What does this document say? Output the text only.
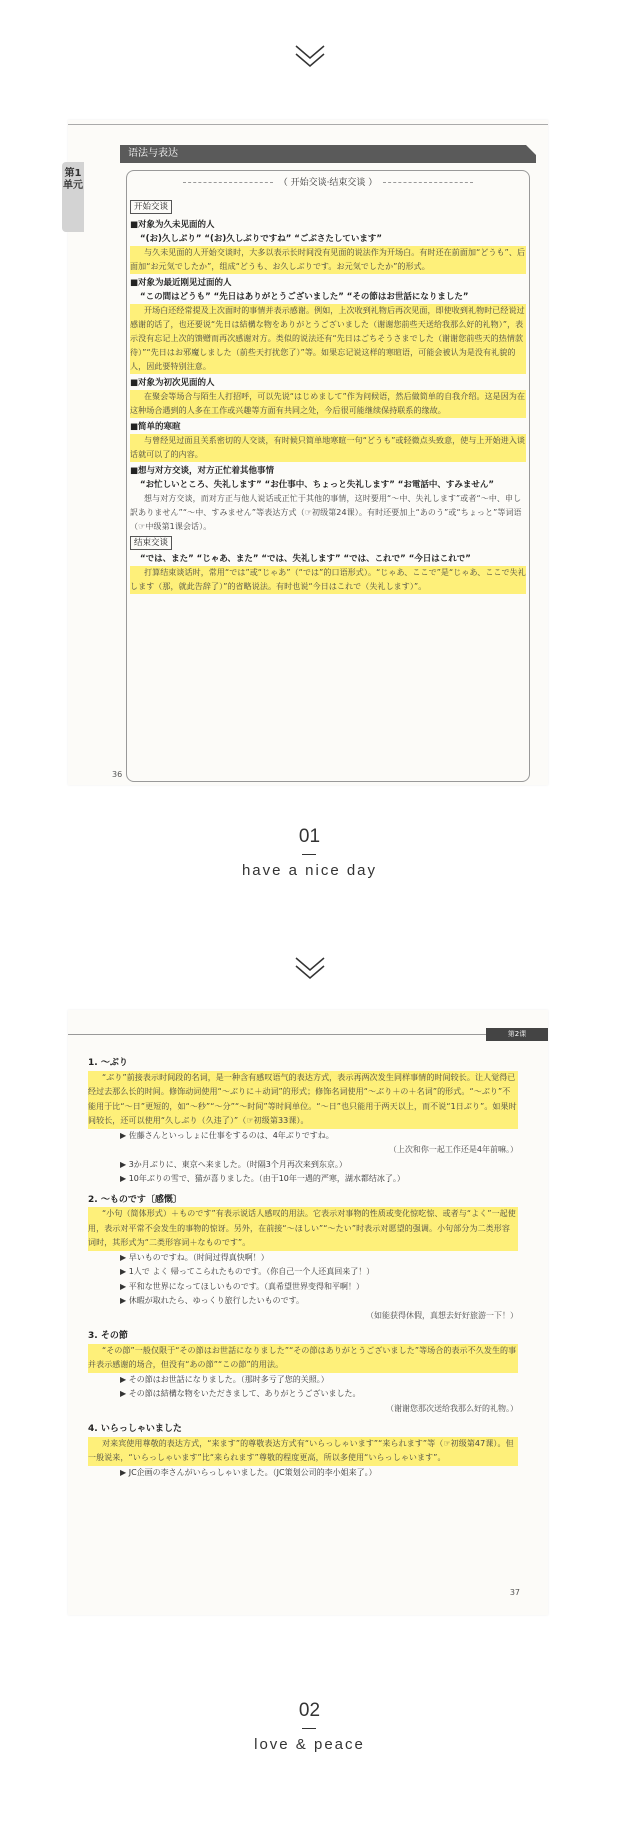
第1单元
语法与表达
（ 开始交谈·结束交谈 ）
开始交谈
■对象为久未见面的人
“(お)久しぶり” “(お)久しぶりですね” “ごぶさたしています”
与久未见面的人开始交谈时，大多以表示长时间没有见面的说法作为开场白。有时还在前面加“どうも”、后面加“お元気でしたか”，组成“どうも、お久しぶりです。お元気でしたか”的形式。
■对象为最近刚见过面的人
“この間はどうも” “先日はありがとうございました” “その節はお世話になりました”
开场白还经常提及上次面时的事情并表示感谢。例如，上次收到礼物后再次见面，即使收到礼物时已经说过感谢的话了，也还要说“先日は結構な物をありがとうございました（谢谢您前些天送给我那么好的礼物）”，表示没有忘记上次的馈赠而再次感谢对方。类似的说法还有“先日はごちそうさまでした（谢谢您前些天的热情款待）”“先日はお邪魔しました（前些天打扰您了）”等。如果忘记说这样的寒暄语，可能会被认为是没有礼貌的人，因此要特别注意。
■对象为初次见面的人
在聚会等场合与陌生人打招呼，可以先说“はじめまして”作为问候语，然后做简单的自我介绍。这是因为在这种场合遇到的人多在工作或兴趣等方面有共同之处，今后很可能继续保持联系的缘故。
■简单的寒暄
与曾经见过面且关系密切的人交谈，有时候只简单地寒暄一句“どうも”或轻微点头致意，使与上开始进入谈话就可以了的内容。
■想与对方交谈，对方正忙着其他事情
“お忙しいところ、失礼します” “お仕事中、ちょっと失礼します” “お電話中、すみません”
想与对方交谈，而对方正与他人说话或正忙于其他的事情，这时要用“～中、失礼します”或者“～中、申し訳ありません”“～中、すみません”等表达方式（☞初级第24课）。有时还要加上“あのう”或“ちょっと”等词语（☞中级第1课会话）。
结束交谈
“では、また” “じゃあ、また” “では、失礼します” “では、これで” “今日はこれで”
打算结束谈话时，常用“では”或“じゃあ”（“では”的口语形式）。“じゃあ、ここで”是“じゃあ、ここで失礼します（那，就此告辞了）”的省略说法。有时也说“今日はこれで（失礼します）”。
36
01
have a nice day
第2课
1. ～ぶり
“ぶり”前接表示时间段的名词，是一种含有感叹语气的表达方式，表示再两次发生同样事情的时间较长。让人觉得已经过去那么长的时间。修饰动词使用“～ぶりに＋动词”的形式；修饰名词使用“～ぶり＋の＋名词”的形式。“～ぶり”不能用于比“～日”更短的，如“～秒”“～分”“～时间”等时间单位。“～日”也只能用于两天以上，而不说“1日ぶり”。如果时间较长，还可以使用“久しぶり（久违了）”（☞初级第33课）。
▶ 佐藤さんといっしょに仕事をするのは、4年ぶりですね。
（上次和你一起工作还是4年前嘛。）
▶ 3か月ぶりに、東京へ来ました。（时隔3个月再次来到东京。）
▶ 10年ぶりの雪で、猫が喜りました。（由于10年一遇的严寒，湖水都结冰了。）
2. ～ものです〔感慨〕
“小句（简体形式）＋ものです”有表示说话人感叹的用法。它表示对事物的性质或变化惊吃惊、或者与“よく”一起使用，表示对平常不会发生的事物的惊讶。另外，在前接“～ほしい”“～たい”时表示对愿望的强调。小句部分为二类形容词时，其形式为“二类形容词＋なものです”。
▶ 早いものですね。（时间过得真快啊！）
▶ 1人で よく 帰ってこられたものです。（你自己一个人还真回来了！）
▶ 平和な世界になってほしいものです。（真希望世界变得和平啊！）
▶ 休暇が取れたら、ゆっくり旅行したいものです。
（如能获得休假，真想去好好旅游一下！）
3. その節
“その節”一般仅限于“その節はお世話になりました”“その節はありがとうございました”等场合的表示不久发生的事并表示感谢的场合，但没有“あの節”“この節”的用法。
▶ その節はお世話になりました。（那时多亏了您的关照。）
▶ その節は結構な物をいただきまして、ありがとうございました。
（谢谢您那次送给我那么好的礼物。）
4. いらっしゃいました
对来宾使用尊敬的表达方式，“来ます”的尊敬表达方式有“いらっしゃいます”“来られます”等（☞初级第47课）。但一般说来，“いらっしゃいます”比“来られます”尊敬的程度更高，所以多使用“いらっしゃいます”。
▶ JC企画の李さんがいらっしゃいました。（JC策划公司的李小姐来了。）
37
02
love & peace
